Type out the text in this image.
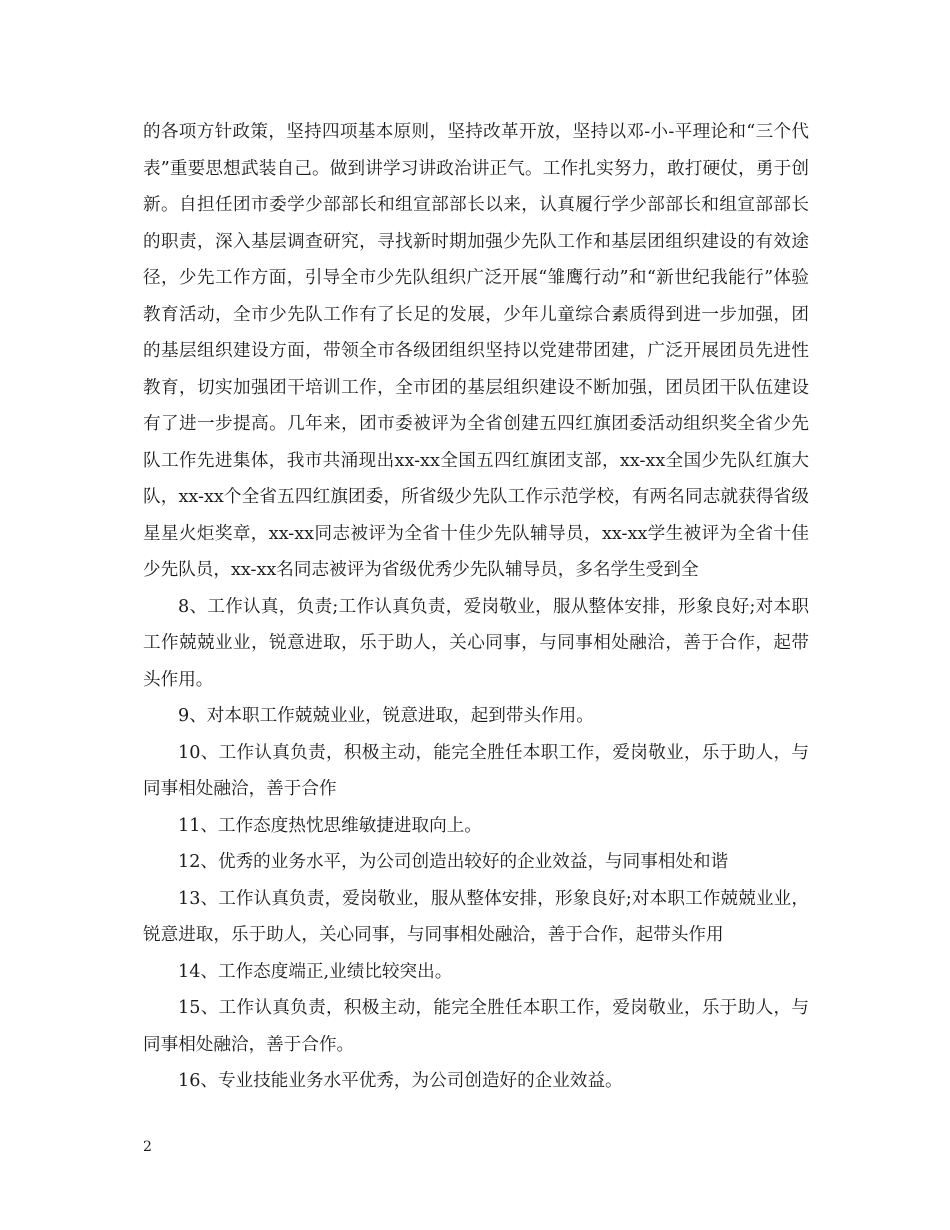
的各项方针政策，坚持四项基本原则，坚持改革开放，坚持以邓-小-平理论和“三个代表”重要思想武装自己。做到讲学习讲政治讲正气。工作扎实努力，敢打硬仗，勇于创新。自担任团市委学少部部长和组宣部部长以来，认真履行学少部部长和组宣部部长的职责，深入基层调查研究，寻找新时期加强少先队工作和基层团组织建设的有效途径，少先工作方面，引导全市少先队组织广泛开展“雏鹰行动”和“新世纪我能行”体验教育活动，全市少先队工作有了长足的发展，少年儿童综合素质得到进一步加强，团的基层组织建设方面，带领全市各级团组织坚持以党建带团建，广泛开展团员先进性教育，切实加强团干培训工作，全市团的基层组织建设不断加强，团员团干队伍建设有了进一步提高。几年来，团市委被评为全省创建五四红旗团委活动组织奖全省少先队工作先进集体，我市共涌现出xx-xx全国五四红旗团支部，xx-xx全国少先队红旗大队，xx-xx个全省五四红旗团委，所省级少先队工作示范学校，有两名同志就获得省级星星火炬奖章，xx-xx同志被评为全省十佳少先队辅导员，xx-xx学生被评为全省十佳少先队员，xx-xx名同志被评为省级优秀少先队辅导员，多名学生受到全

8、工作认真，负责;工作认真负责，爱岗敬业，服从整体安排，形象良好;对本职工作兢兢业业，锐意进取，乐于助人，关心同事，与同事相处融洽，善于合作，起带头作用。

9、对本职工作兢兢业业，锐意进取，起到带头作用。

10、工作认真负责，积极主动，能完全胜任本职工作，爱岗敬业，乐于助人，与同事相处融洽，善于合作

11、工作态度热忱思维敏捷进取向上。

12、优秀的业务水平，为公司创造出较好的企业效益，与同事相处和谐

13、工作认真负责，爱岗敬业，服从整体安排，形象良好;对本职工作兢兢业业，锐意进取，乐于助人，关心同事，与同事相处融洽，善于合作，起带头作用

14、工作态度端正,业绩比较突出。

15、工作认真负责，积极主动，能完全胜任本职工作，爱岗敬业，乐于助人，与同事相处融洽，善于合作。

16、专业技能业务水平优秀，为公司创造好的企业效益。

2
